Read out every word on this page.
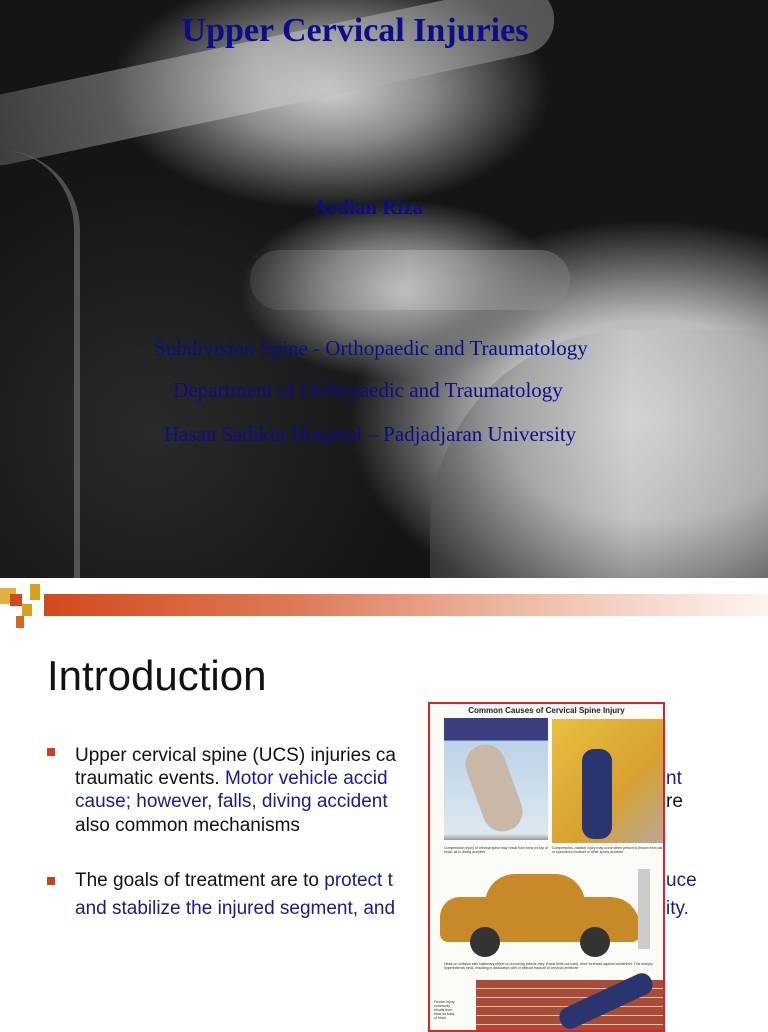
Upper Cervical Injuries
Ardian Riza
Subdivision Spine - Orthopaedic and Traumatology
Department of Orthopaedic and Traumatology
Hasan Sadikin Hospital – Padjadjaran University
Introduction
Upper cervical spine (UCS) injuries ca
traumatic events. Motor vehicle accid	nt
cause; however, falls, diving accident	re
also common mechanisms
The goals of treatment are to protect t	uce
and stabilize the injured segment, and	ity.
Common Causes of Cervical Spine Injury
Compression injury of cervical spine may result from blow on top of head, as in diving accident
Compression–rotation injury may occur when person is thrown from car or upended in football or other sports accident
Head-on collision with stationary object or oncoming vehicle may, if seat belts not used, drive forehead against windshield. This sharply hyperextends neck, resulting in dislocation with or without fracture of cervical vertebrae
Flexion injury commonly results from blow on back of head
